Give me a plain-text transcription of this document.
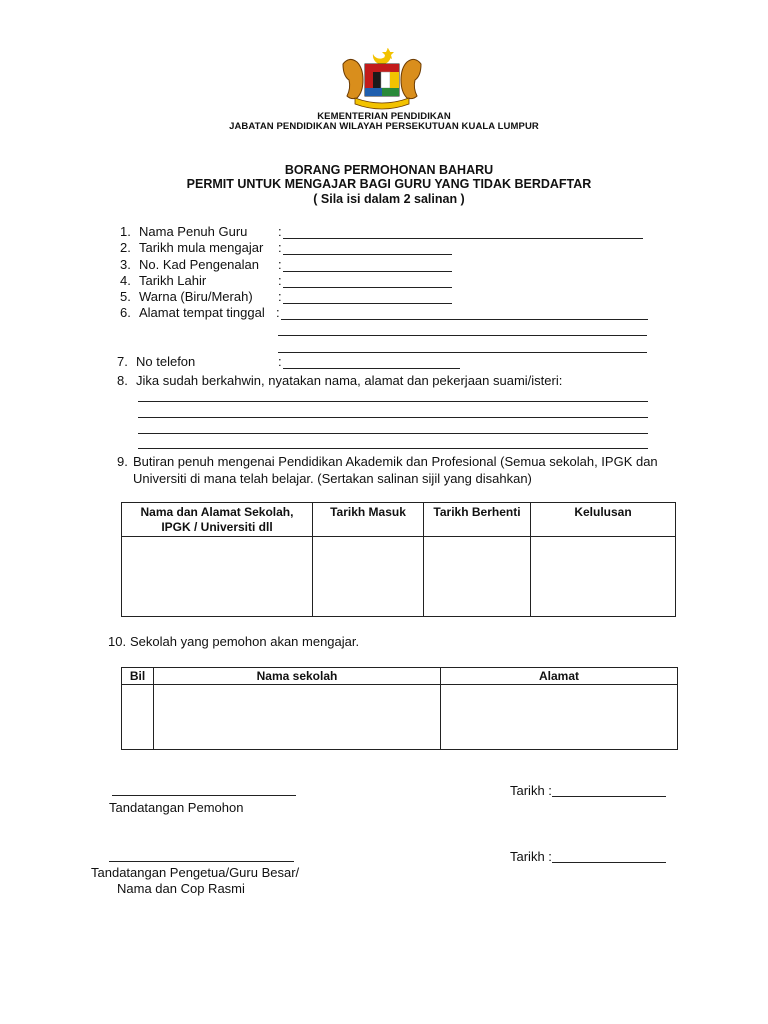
KEMENTERIAN PENDIDIKAN
JABATAN PENDIDIKAN WILAYAH PERSEKUTUAN KUALA LUMPUR
BORANG PERMOHONAN BAHARU
PERMIT UNTUK MENGAJAR BAGI GURU YANG TIDAK BERDAFTAR
( Sila isi dalam 2 salinan )
1. Nama Penuh Guru :
2. Tarikh mula mengajar :
3. No. Kad Pengenalan :
4. Tarikh Lahir	:
5. Warna (Biru/Merah) :
6. Alamat tempat tinggal :
7. No telefon	:
8. Jika sudah berkahwin, nyatakan nama, alamat dan pekerjaan suami/isteri:
9. Butiran penuh mengenai Pendidikan Akademik dan Profesional (Semua sekolah, IPGK dan
Universiti di mana telah belajar. (Sertakan salinan sijil yang disahkan)
Nama dan Alamat Sekolah,
IPGK / Universiti dll	Tarikh Masuk	Tarikh Berhenti	Kelulusan

10. Sekolah yang pemohon akan mengajar.
Bil	Nama sekolah	Alamat

Tandatangan Pemohon
Tarikh :
Tandatangan Pengetua/Guru Besar/
Nama dan Cop Rasmi
Tarikh :
